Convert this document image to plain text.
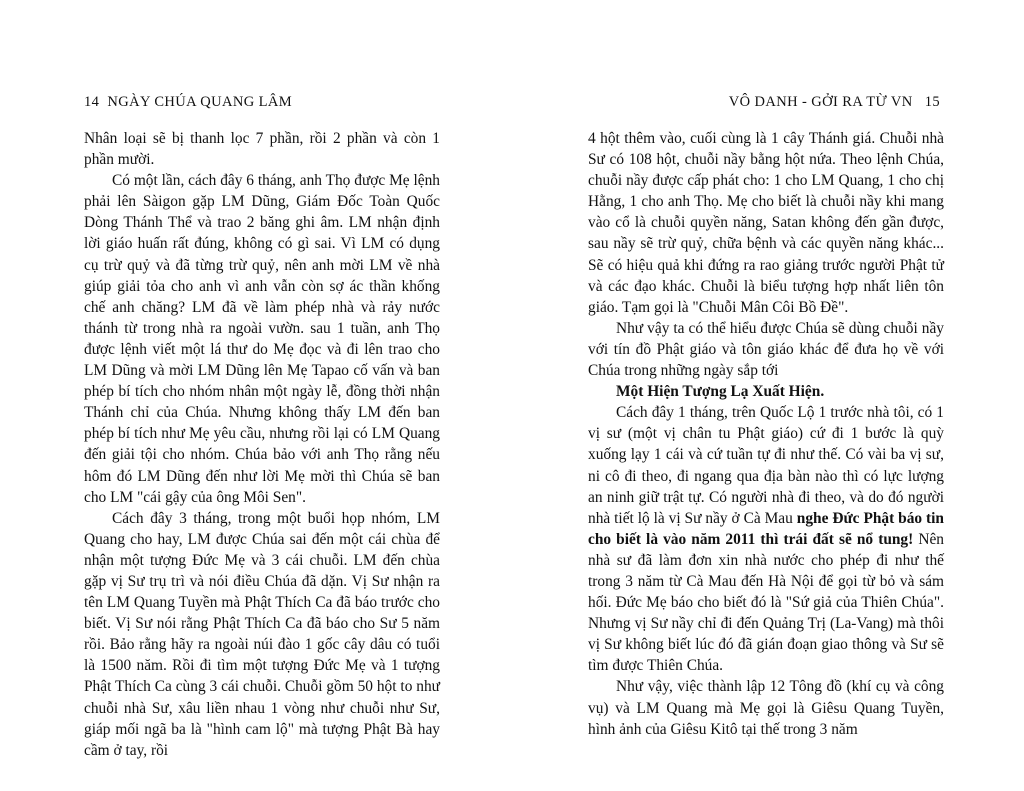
14  NGÀY CHÚA QUANG LÂM

Nhân loại sẽ bị thanh lọc 7 phần, rồi 2 phần và còn 1 phần mười.

Có một lần, cách đây 6 tháng, anh Thọ được Mẹ lệnh phải lên Sàigon gặp LM Dũng, Giám Đốc Toàn Quốc Dòng Thánh Thể và trao 2 băng ghi âm. LM nhận định lời giáo huấn rất đúng, không có gì sai. Vì LM có dụng cụ trừ quỷ và đã từng trừ quỷ, nên anh mời LM về nhà giúp giải tỏa cho anh vì anh vẫn còn sợ ác thần khống chế anh chăng? LM đã về làm phép nhà và rảy nước thánh từ trong nhà ra ngoài vườn. sau 1 tuần, anh Thọ được lệnh viết một lá thư do Mẹ đọc và đi lên trao cho LM Dũng và mời LM Dũng lên Mẹ Tapao cố vấn và ban phép bí tích cho nhóm nhân một ngày lễ, đồng thời nhận Thánh chỉ của Chúa. Nhưng không thấy LM đến ban phép bí tích như Mẹ yêu cầu, nhưng rồi lại có LM Quang đến giải tội cho nhóm. Chúa bảo với anh Thọ rằng nếu hôm đó LM Dũng đến như lời Mẹ mời thì Chúa sẽ ban cho LM "cái gậy của ông Môi Sen".

Cách đây 3 tháng, trong một buổi họp nhóm, LM Quang cho hay, LM được Chúa sai đến một cái chùa để nhận một tượng Đức Mẹ và 3 cái chuỗi. LM đến chùa gặp vị Sư trụ trì và nói điều Chúa đã dặn. Vị Sư nhận ra tên LM Quang Tuyền mà Phật Thích Ca đã báo trước cho biết. Vị Sư nói rằng Phật Thích Ca đã báo cho Sư 5 năm rồi. Bảo rằng hãy ra ngoài núi đào 1 gốc cây dâu có tuổi là 1500 năm. Rồi đi tìm một tượng Đức Mẹ và 1 tượng Phật Thích Ca cùng 3 cái chuỗi. Chuỗi gồm 50 hột to như chuỗi nhà Sư, xâu liền nhau 1 vòng như chuỗi như Sư, giáp mối ngã ba là "hình cam lộ" mà tượng Phật Bà hay cầm ở tay, rồi

VÔ DANH - GỞI RA TỪ VN   15

4 hột thêm vào, cuối cùng là 1 cây Thánh giá. Chuỗi nhà Sư có 108 hột, chuỗi nầy bằng hột nứa. Theo lệnh Chúa, chuỗi nầy được cấp phát cho: 1 cho LM Quang, 1 cho chị Hằng, 1 cho anh Thọ. Mẹ cho biết là chuỗi nầy khi mang vào cổ là chuỗi quyền năng, Satan không đến gần được, sau nầy sẽ trừ quỷ, chữa bệnh và các quyền năng khác... Sẽ có hiệu quả khi đứng ra rao giảng trước người Phật tử và các đạo khác. Chuỗi là biểu tượng hợp nhất liên tôn giáo. Tạm gọi là "Chuỗi Mân Côi Bồ Đề".

Như vậy ta có thể hiểu được Chúa sẽ dùng chuỗi nầy với tín đồ Phật giáo và tôn giáo khác để đưa họ về với Chúa trong những ngày sắp tới

Một Hiện Tượng Lạ Xuất Hiện.

Cách đây 1 tháng, trên Quốc Lộ 1 trước nhà tôi, có 1 vị sư (một vị chân tu Phật giáo) cứ đi 1 bước là quỳ xuống lạy 1 cái và cứ tuần tự đi như thế. Có vài ba vị sư, ni cô đi theo, đi ngang qua địa bàn nào thì có lực lượng an ninh giữ trật tự. Có người nhà đi theo, và do đó người nhà tiết lộ là vị Sư nầy ở Cà Mau nghe Đức Phật báo tin cho biết là vào năm 2011 thì trái đất sẽ nổ tung! Nên nhà sư đã làm đơn xin nhà nước cho phép đi như thế trong 3 năm từ Cà Mau đến Hà Nội để gọi từ bỏ và sám hối. Đức Mẹ báo cho biết đó là "Sứ giả của Thiên Chúa". Nhưng vị Sư nầy chỉ đi đến Quảng Trị (La-Vang) mà thôi vị Sư không biết lúc đó đã gián đoạn giao thông và Sư sẽ tìm được Thiên Chúa.

Như vậy, việc thành lập 12 Tông đồ (khí cụ và công vụ) và LM Quang mà Mẹ gọi là Giêsu Quang Tuyền, hình ảnh của Giêsu Kitô tại thế trong 3 năm
